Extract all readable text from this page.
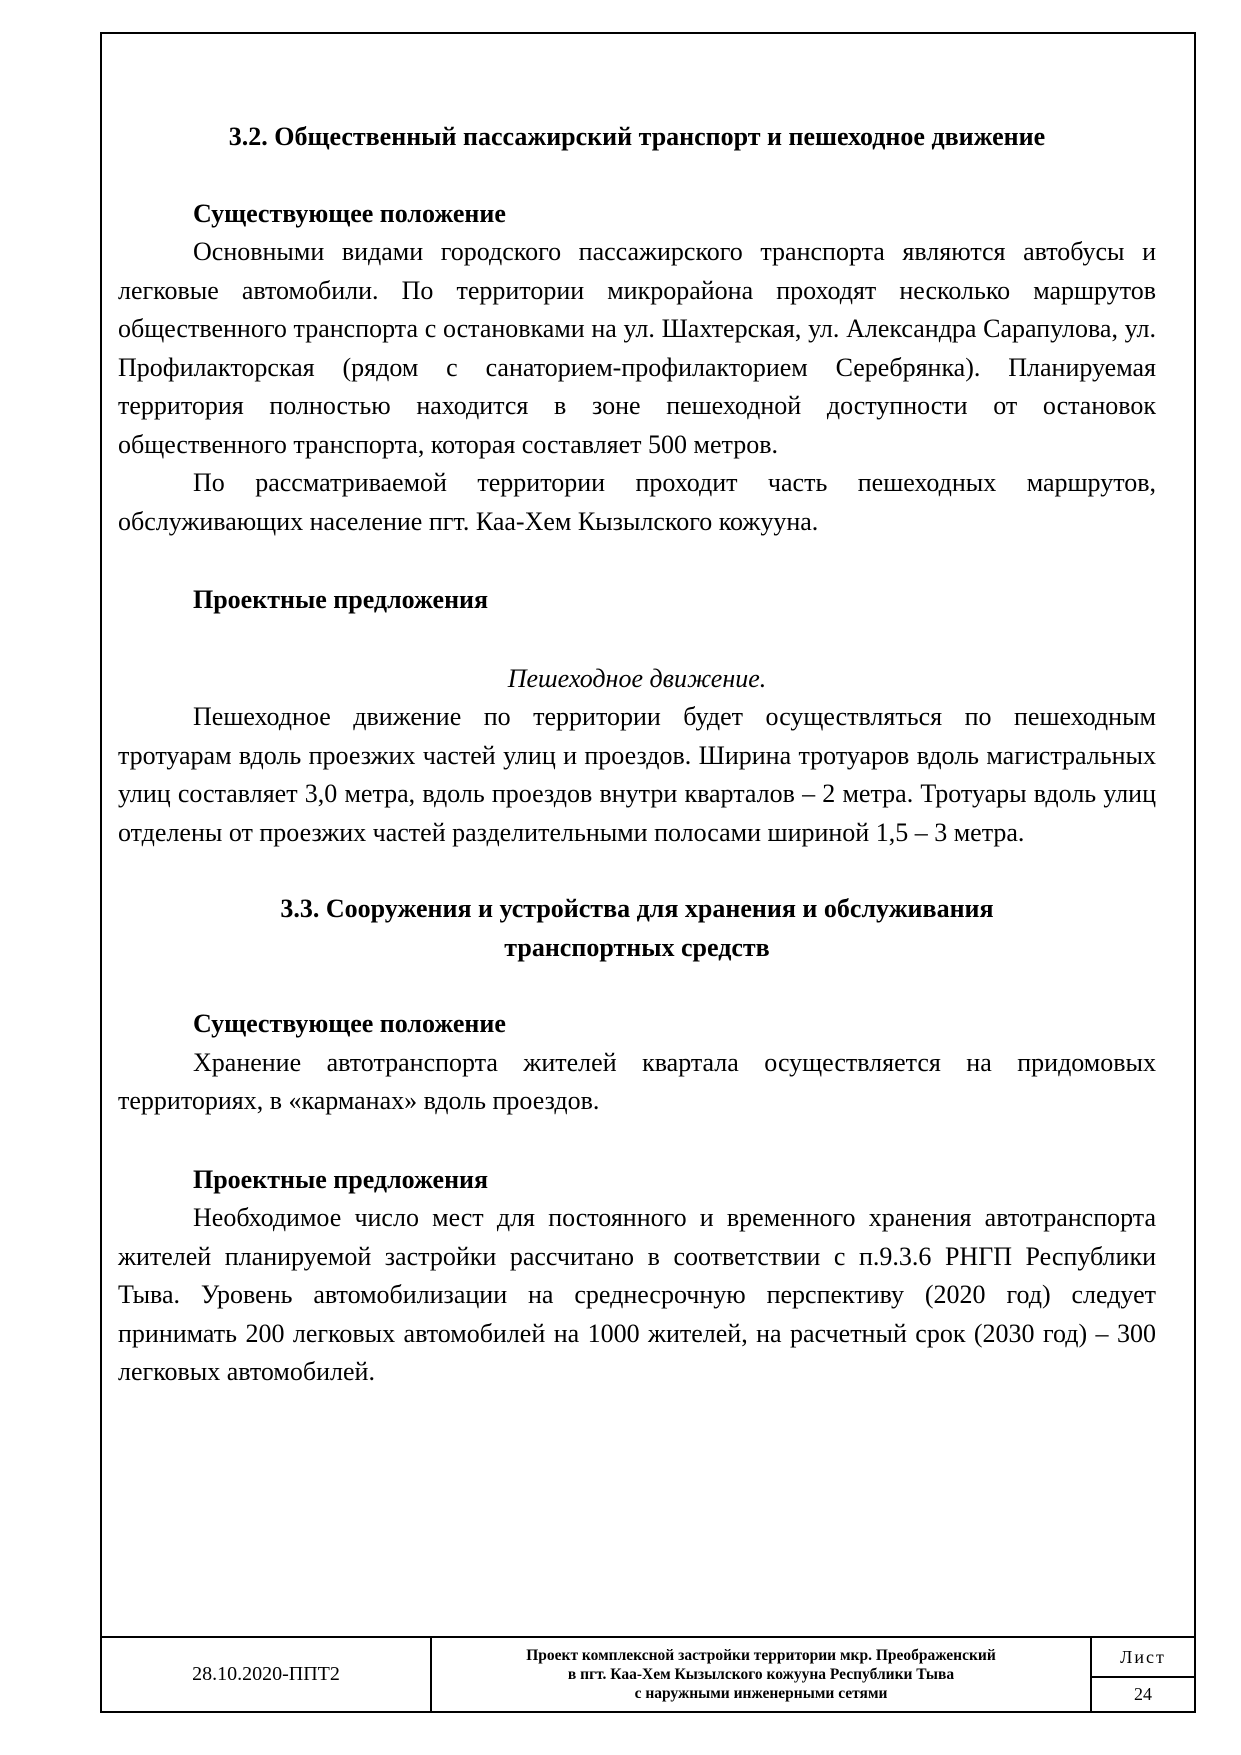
3.2. Общественный пассажирский транспорт и пешеходное движение

Существующее положение

Основными видами городского пассажирского транспорта являются автобусы и легковые автомобили. По территории микрорайона проходят несколько маршрутов общественного транспорта с остановками на ул. Шахтерская, ул. Александра Сарапулова, ул. Профилакторская (рядом с санаторием-профилакторием Серебрянка). Планируемая территория полностью находится в зоне пешеходной доступности от остановок общественного транспорта, которая составляет 500 метров.

По рассматриваемой территории проходит часть пешеходных маршрутов, обслуживающих население пгт. Каа-Хем Кызылского кожууна.

Проектные предложения

Пешеходное движение.

Пешеходное движение по территории будет осуществляться по пешеходным тротуарам вдоль проезжих частей улиц и проездов. Ширина тротуаров вдоль магистральных улиц составляет 3,0 метра, вдоль проездов внутри кварталов – 2 метра. Тротуары вдоль улиц отделены от проезжих частей разделительными полосами шириной 1,5 – 3 метра.

3.3. Сооружения и устройства для хранения и обслуживания

транспортных средств

Существующее положение

Хранение автотранспорта жителей квартала осуществляется на придомовых территориях, в «карманах» вдоль проездов.

Проектные предложения

Необходимое число мест для постоянного и временного хранения автотранспорта жителей планируемой застройки рассчитано в соответствии с п.9.3.6 РНГП Республики Тыва. Уровень автомобилизации на среднесрочную перспективу (2020 год) следует принимать 200 легковых автомобилей на 1000 жителей, на расчетный срок (2030 год) – 300 легковых автомобилей.

28.10.2020-ППТ2
Проект комплексной застройки территории мкр. Преображенский
в пгт. Каа-Хем Кызылского кожууна Республики Тыва
с наружными инженерными сетями
Лист
24
